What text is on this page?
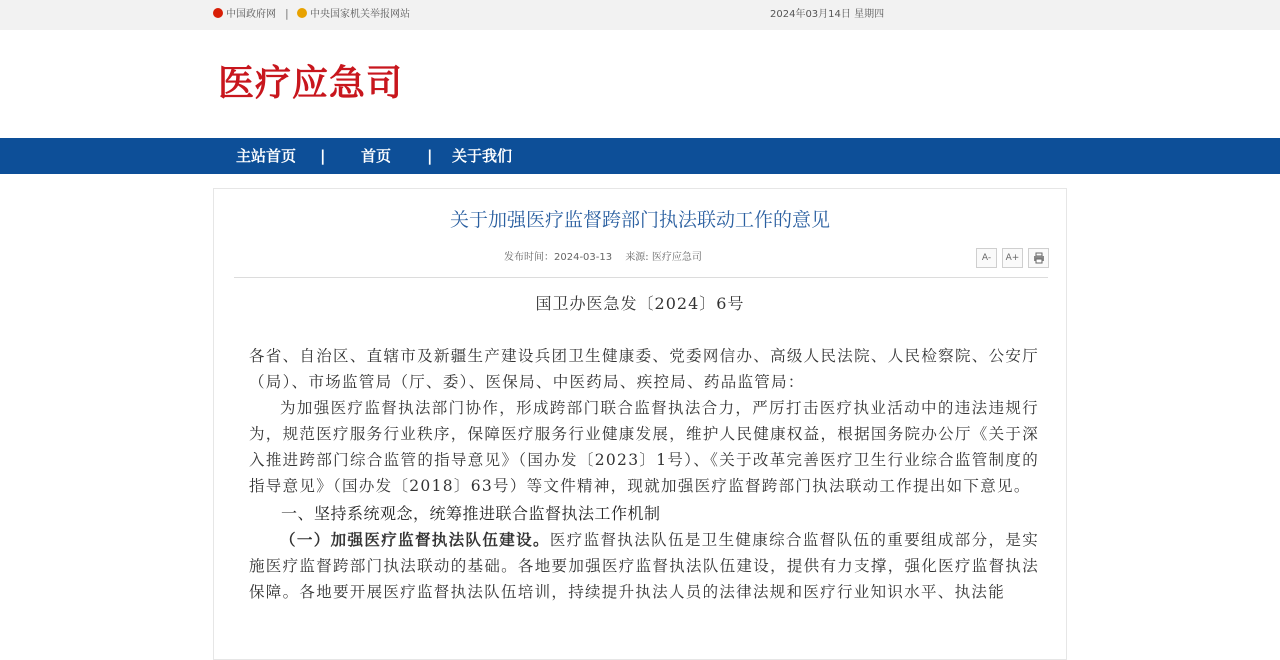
中国政府网 |	中央国家机关举报网站	2024年03月14日 星期四
医疗应急司
主站首页 | 首页 | 关于我们
关于加强医疗监督跨部门执法联动工作的意见
发布时间：2024-03-13 来源: 医疗应急司	A-	A+
国卫办医急发〔2024〕6号

各省、自治区、直辖市及新疆生产建设兵团卫生健康委、党委网信办、高级人民法院、人民检察院、公安厅（局）、市场监管局（厅、委）、医保局、中医药局、疾控局、药品监管局：

为加强医疗监督执法部门协作，形成跨部门联合监督执法合力，严厉打击医疗执业活动中的违法违规行为，规范医疗服务行业秩序，保障医疗服务行业健康发展，维护人民健康权益，根据国务院办公厅《关于深入推进跨部门综合监管的指导意见》（国办发〔2023〕1号）、《关于改革完善医疗卫生行业综合监管制度的指导意见》（国办发〔2018〕63号）等文件精神，现就加强医疗监督跨部门执法联动工作提出如下意见。

一、坚持系统观念，统筹推进联合监督执法工作机制

（一）加强医疗监督执法队伍建设。医疗监督执法队伍是卫生健康综合监督队伍的重要组成部分，是实施医疗监督跨部门执法联动的基础。各地要加强医疗监督执法队伍建设，提供有力支撑，强化医疗监督执法保障。各地要开展医疗监督执法队伍培训，持续提升执法人员的法律法规和医疗行业知识水平、执法能
